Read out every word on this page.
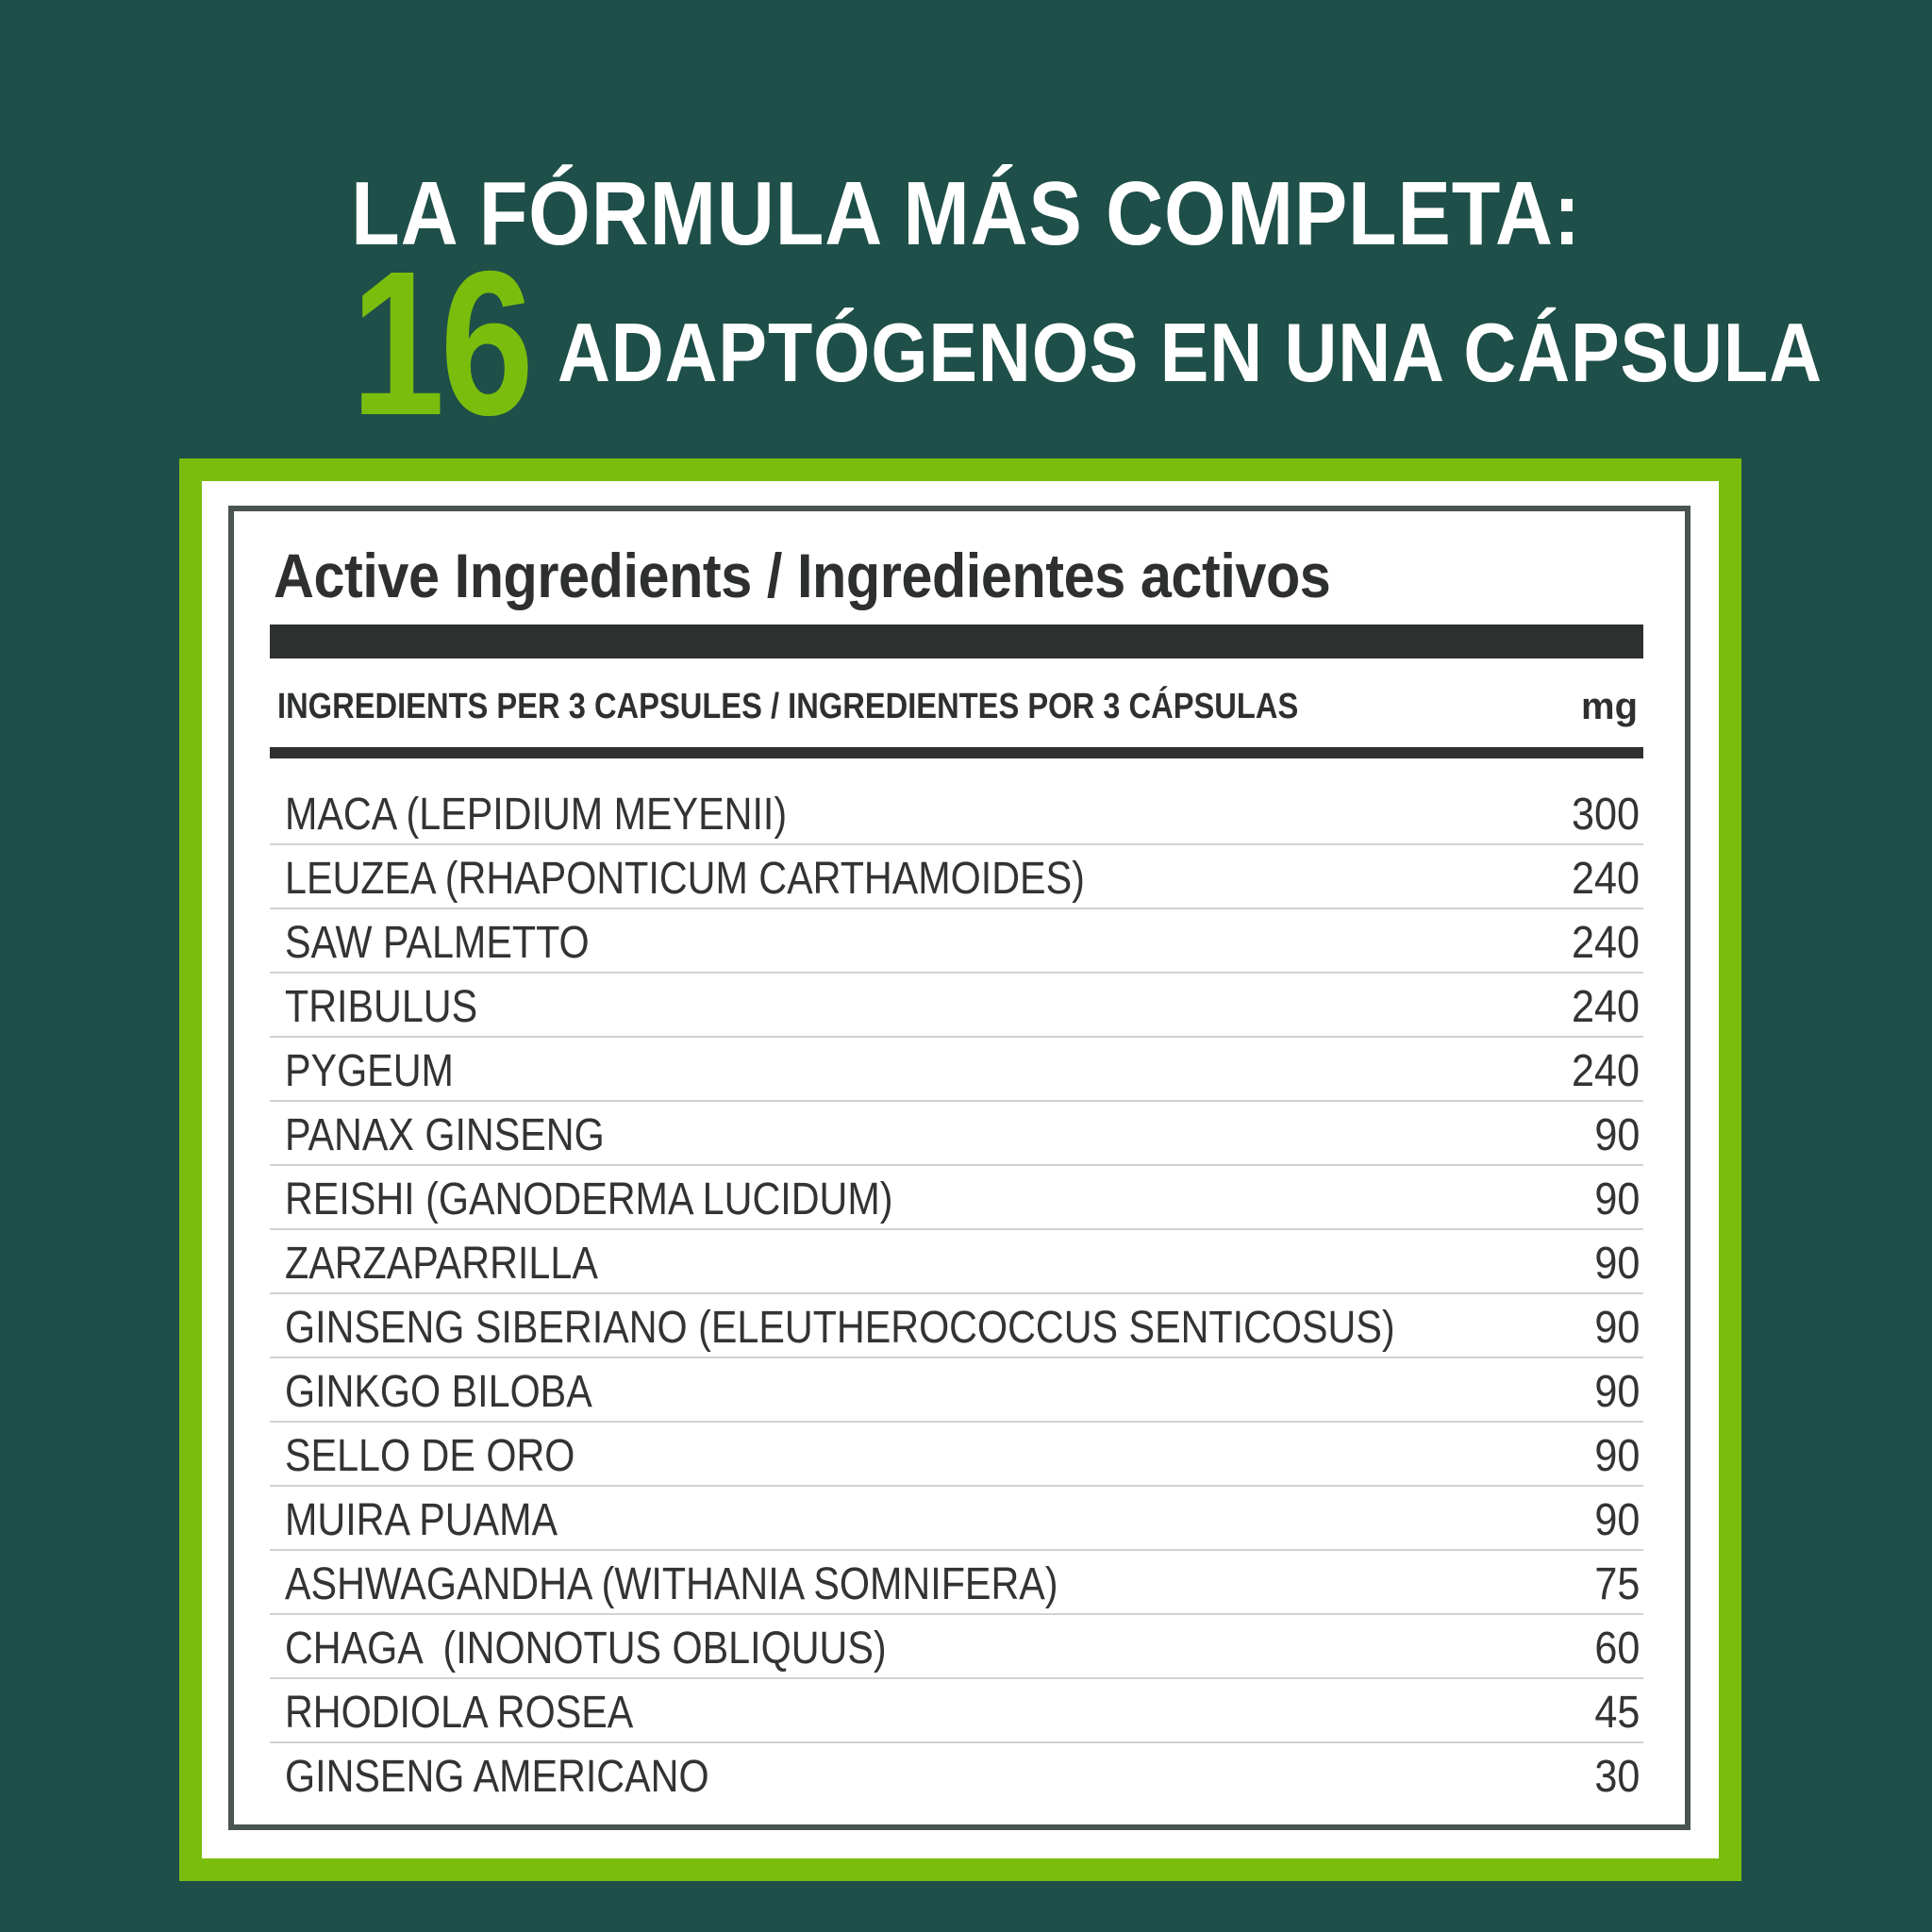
LA FÓRMULA MÁS COMPLETA:
16 ADAPTÓGENOS EN UNA CÁPSULA
Active Ingredients / Ingredientes activos
INGREDIENTS PER 3 CAPSULES / INGREDIENTES POR 3 CÁPSULAS	mg
MACA (LEPIDIUM MEYENII)	300
LEUZEA (RHAPONTICUM CARTHAMOIDES)	240
SAW PALMETTO	240
TRIBULUS	240
PYGEUM	240
PANAX GINSENG	90
REISHI (GANODERMA LUCIDUM)	90
ZARZAPARRILLA	90
GINSENG SIBERIANO (ELEUTHEROCOCCUS SENTICOSUS)	90
GINKGO BILOBA	90
SELLO DE ORO	90
MUIRA PUAMA	90
ASHWAGANDHA (WITHANIA SOMNIFERA)	75
CHAGA  (INONOTUS OBLIQUUS)	60
RHODIOLA ROSEA	45
GINSENG AMERICANO	30
